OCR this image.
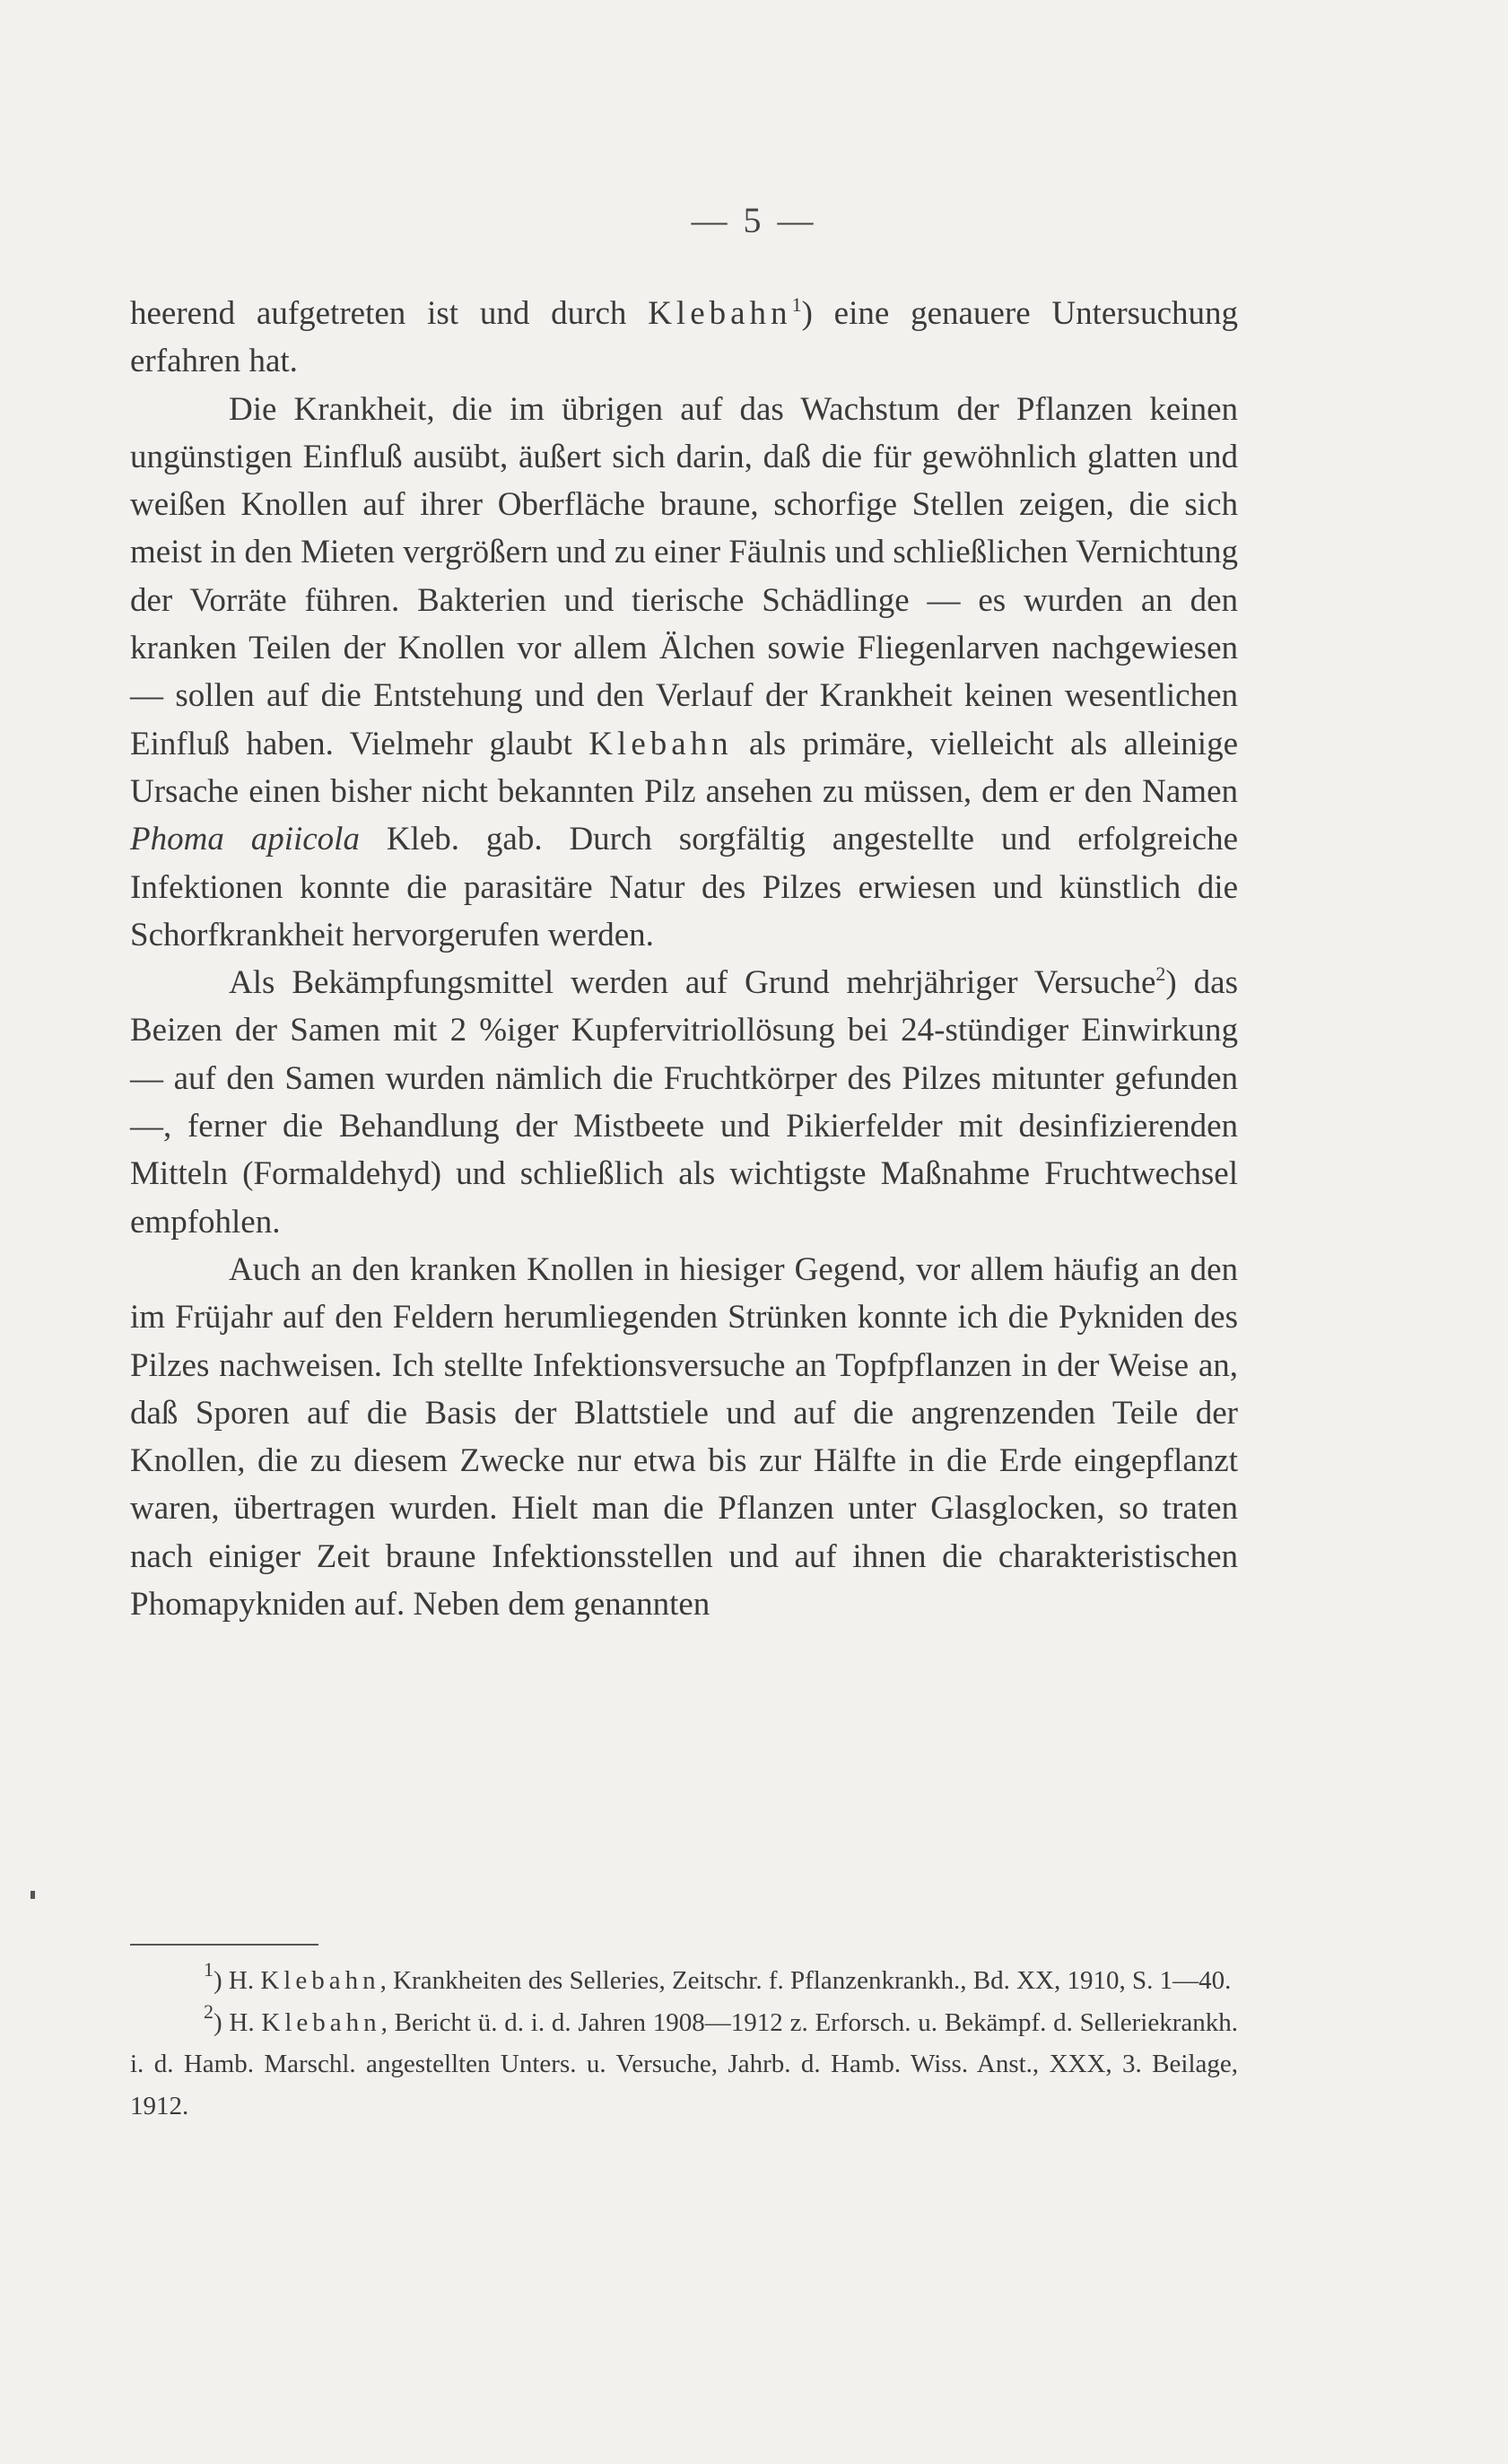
— 5 —

heerend aufgetreten ist und durch Klebahn$^1$) eine genauere Untersuchung erfahren hat.

Die Krankheit, die im übrigen auf das Wachstum der Pflanzen keinen ungünstigen Einfluß ausübt, äußert sich darin, daß die für gewöhnlich glatten und weißen Knollen auf ihrer Oberfläche braune, schorfige Stellen zeigen, die sich meist in den Mieten vergrößern und zu einer Fäulnis und schließlichen Vernichtung der Vorräte führen. Bakterien und tierische Schädlinge — es wurden an den kranken Teilen der Knollen vor allem Älchen sowie Fliegenlarven nachgewiesen — sollen auf die Entstehung und den Verlauf der Krankheit keinen wesentlichen Einfluß haben. Vielmehr glaubt Klebahn als primäre, vielleicht als alleinige Ursache einen bisher nicht bekannten Pilz ansehen zu müssen, dem er den Namen Phoma apiicola Kleb. gab. Durch sorgfältig angestellte und erfolgreiche Infektionen konnte die parasitäre Natur des Pilzes erwiesen und künstlich die Schorfkrankheit hervorgerufen werden.

Als Bekämpfungsmittel werden auf Grund mehrjähriger Versuche$^2$) das Beizen der Samen mit 2 %iger Kupfervitriollösung bei 24-stündiger Einwirkung — auf den Samen wurden nämlich die Fruchtkörper des Pilzes mitunter gefunden —, ferner die Behandlung der Mistbeete und Pikierfelder mit desinfizierenden Mitteln (Formaldehyd) und schließlich als wichtigste Maßnahme Fruchtwechsel empfohlen.

Auch an den kranken Knollen in hiesiger Gegend, vor allem häufig an den im Früjahr auf den Feldern herumliegenden Strünken konnte ich die Pykniden des Pilzes nachweisen. Ich stellte Infektionsversuche an Topfpflanzen in der Weise an, daß Sporen auf die Basis der Blattstiele und auf die angrenzenden Teile der Knollen, die zu diesem Zwecke nur etwa bis zur Hälfte in die Erde eingepflanzt waren, übertragen wurden. Hielt man die Pflanzen unter Glasglocken, so traten nach einiger Zeit braune Infektionsstellen und auf ihnen die charakteristischen Phomapykniden auf. Neben dem genannten

$^1$) H. Klebahn, Krankheiten des Selleries, Zeitschr. f. Pflanzenkrankh., Bd. XX, 1910, S. 1—40.

$^2$) H. Klebahn, Bericht ü. d. i. d. Jahren 1908—1912 z. Erforsch. u. Bekämpf. d. Selleriekrankh. i. d. Hamb. Marschl. angestellten Unters. u. Versuche, Jahrb. d. Hamb. Wiss. Anst., XXX, 3. Beilage, 1912.
